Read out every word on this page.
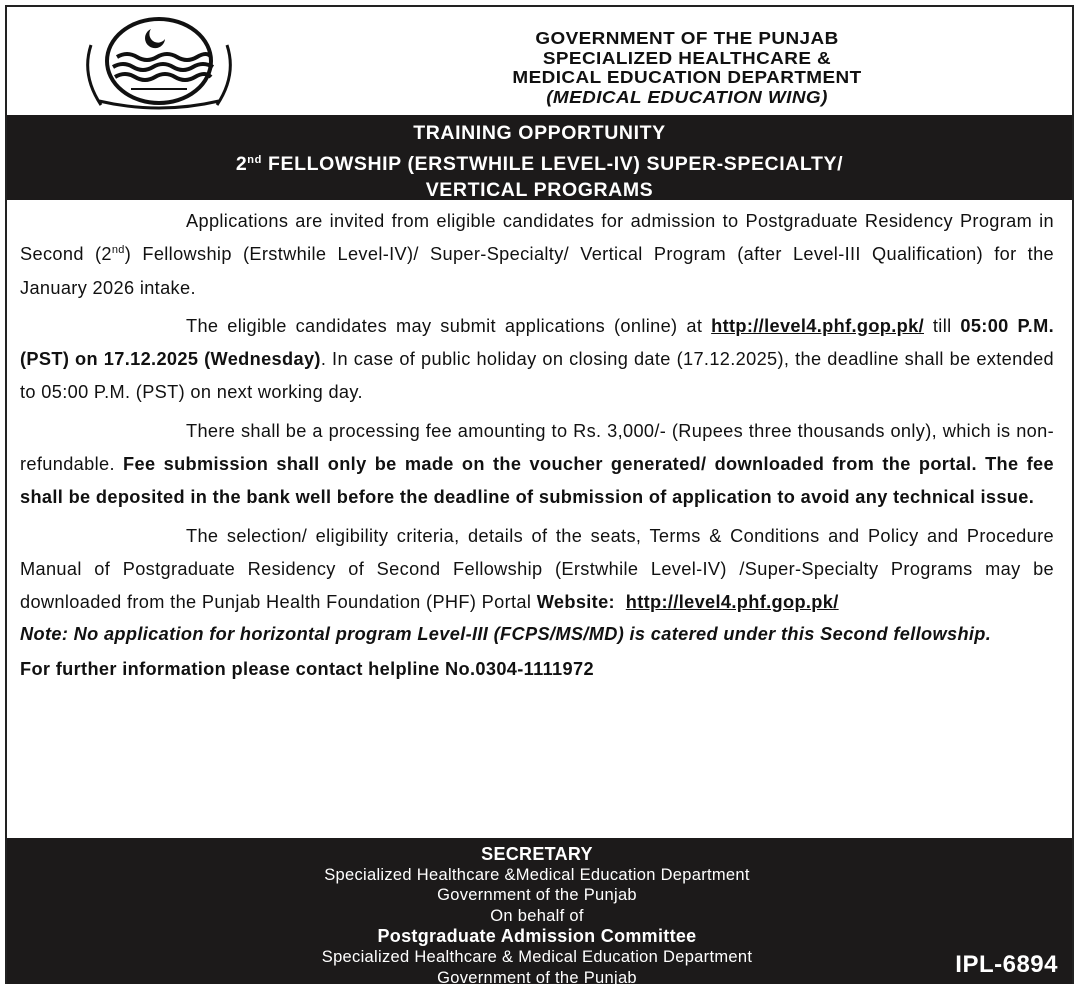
GOVERNMENT OF THE PUNJAB
SPECIALIZED HEALTHCARE &
MEDICAL EDUCATION DEPARTMENT
(MEDICAL EDUCATION WING)
TRAINING OPPORTUNITY
2nd FELLOWSHIP (ERSTWHILE LEVEL-IV) SUPER-SPECIALTY/
VERTICAL PROGRAMS

Applications are invited from eligible candidates for admission to Postgraduate Residency Program in Second (2nd) Fellowship (Erstwhile Level-IV)/ Super-Specialty/ Vertical Program (after Level-III Qualification) for the January 2026 intake.

The eligible candidates may submit applications (online) at http://level4.phf.gop.pk/ till 05:00 P.M. (PST) on 17.12.2025 (Wednesday). In case of public holiday on closing date (17.12.2025), the deadline shall be extended to 05:00 P.M. (PST) on next working day.

There shall be a processing fee amounting to Rs. 3,000/- (Rupees three thousands only), which is non-refundable. Fee submission shall only be made on the voucher generated/ downloaded from the portal. The fee shall be deposited in the bank well before the deadline of submission of application to avoid any technical issue.

The selection/ eligibility criteria, details of the seats, Terms & Conditions and Policy and Procedure Manual of Postgraduate Residency of Second Fellowship (Erstwhile Level-IV) /Super-Specialty Programs may be downloaded from the Punjab Health Foundation (PHF) Portal Website: http://level4.phf.gop.pk/

Note: No application for horizontal program Level-III (FCPS/MS/MD) is catered under this Second fellowship.

For further information please contact helpline No.0304-1111972
SECRETARY
Specialized Healthcare &Medical Education Department
Government of the Punjab
On behalf of
Postgraduate Admission Committee
Specialized Healthcare & Medical Education Department
Government of the Punjab	IPL-6894
